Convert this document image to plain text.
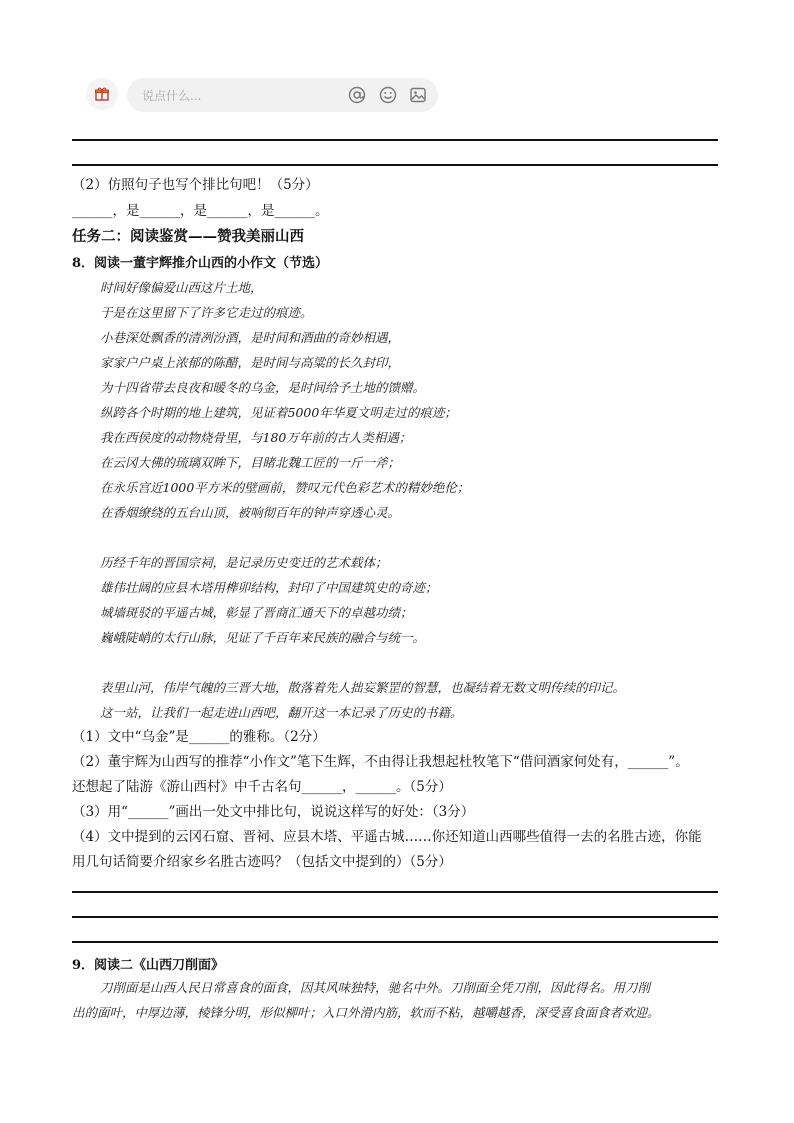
说点什么...
（2）仿照句子也写个排比句吧！（5分）
______，是______，是______，是______。
任务二：阅读鉴赏——赞我美丽山西
8．阅读一董宇辉推介山西的小作文（节选）
时间好像偏爱山西这片土地，
于是在这里留下了许多它走过的痕迹。
小巷深处飘香的清冽汾酒，是时间和酒曲的奇妙相遇，
家家户户桌上浓郁的陈醋，是时间与高粱的长久封印，
为十四省带去良夜和暖冬的乌金，是时间给予土地的馈赠。
纵跨各个时期的地上建筑，见证着5000年华夏文明走过的痕迹；
我在西侯度的动物烧骨里，与180万年前的古人类相遇；
在云冈大佛的琉璃双眸下，目睹北魏工匠的一斤一斧；
在永乐宫近1000平方米的壁画前，赞叹元代色彩艺术的精妙绝伦；
在香烟缭绕的五台山顶，被响彻百年的钟声穿透心灵。
历经千年的晋国宗祠，是记录历史变迁的艺术载体；
雄伟壮阔的应县木塔用榫卯结构，封印了中国建筑史的奇迹；
城墙斑驳的平遥古城，彰显了晋商汇通天下的卓越功绩；
巍峨陡峭的太行山脉，见证了千百年来民族的融合与统一。
表里山河，伟岸气魄的三晋大地，散落着先人拙妄繁罡的智慧，也凝结着无数文明传续的印记。
这一站，让我们一起走进山西吧，翻开这一本记录了历史的书籍。
（1）文中“乌金”是______的雅称。（2分）
（2）董宇辉为山西写的推荐“小作文”笔下生辉，不由得让我想起杜牧笔下“借问酒家何处有，______”。
还想起了陆游《游山西村》中千古名句______，______。（5分）
（3）用“______”画出一处文中排比句，说说这样写的好处：（3分）
（4）文中提到的云冈石窟、晋祠、应县木塔、平遥古城……你还知道山西哪些值得一去的名胜古迹，你能
用几句话简要介绍家乡名胜古迹吗？（包括文中提到的）（5分）
9．阅读二《山西刀削面》
刀削面是山西人民日常喜食的面食，因其风味独特，驰名中外。刀削面全凭刀削，因此得名。用刀削
出的面叶，中厚边薄，棱锋分明，形似柳叶；入口外滑内筋，软而不粘，越嚼越香，深受喜食面食者欢迎。
